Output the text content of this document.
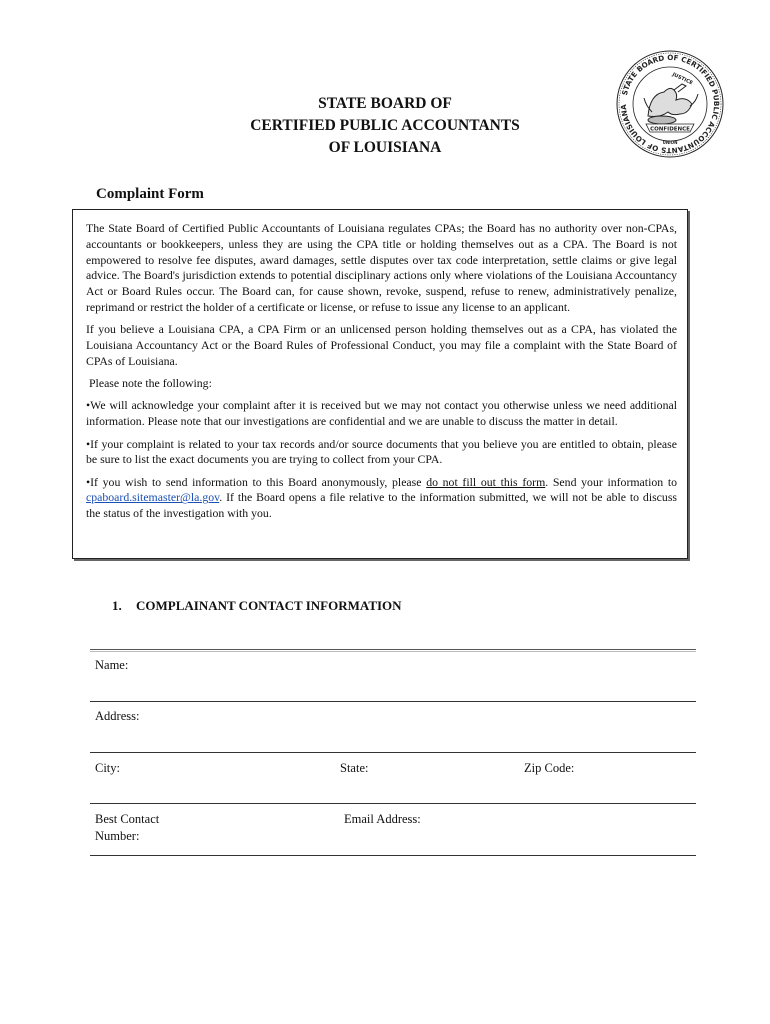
STATE BOARD OF CERTIFIED PUBLIC ACCOUNTANTS OF LOUISIANA
CONFIDENCE
JUSTICE
UNION
STATE BOARD OF
CERTIFIED PUBLIC ACCOUNTANTS
OF LOUISIANA
Complaint Form

The State Board of Certified Public Accountants of Louisiana regulates CPAs; the Board has no authority over non-CPAs, accountants or bookkeepers, unless they are using the CPA title or holding themselves out as a CPA. The Board is not empowered to resolve fee disputes, award damages, settle disputes over tax code interpretation, settle claims or give legal advice. The Board's jurisdiction extends to potential disciplinary actions only where violations of the Louisiana Accountancy Act or Board Rules occur. The Board can, for cause shown, revoke, suspend, refuse to renew, administratively penalize, reprimand or restrict the holder of a certificate or license, or refuse to issue any license to an applicant.

If you believe a Louisiana CPA, a CPA Firm or an unlicensed person holding themselves out as a CPA, has violated the Louisiana Accountancy Act or the Board Rules of Professional Conduct, you may file a complaint with the State Board of CPAs of Louisiana.

Please note the following:

•We will acknowledge your complaint after it is received but we may not contact you otherwise unless we need additional information. Please note that our investigations are confidential and we are unable to discuss the matter in detail.

•If your complaint is related to your tax records and/or source documents that you believe you are entitled to obtain, please be sure to list the exact documents you are trying to collect from your CPA.

•If you wish to send information to this Board anonymously, please do not fill out this form. Send your information to cpaboard.sitemaster@la.gov. If the Board opens a file relative to the information submitted, we will not be able to discuss the status of the investigation with you.

1. COMPLAINANT CONTACT INFORMATION
Name:
Address:
City:	State:	Zip Code:
Best Contact
Number:
Email Address:
